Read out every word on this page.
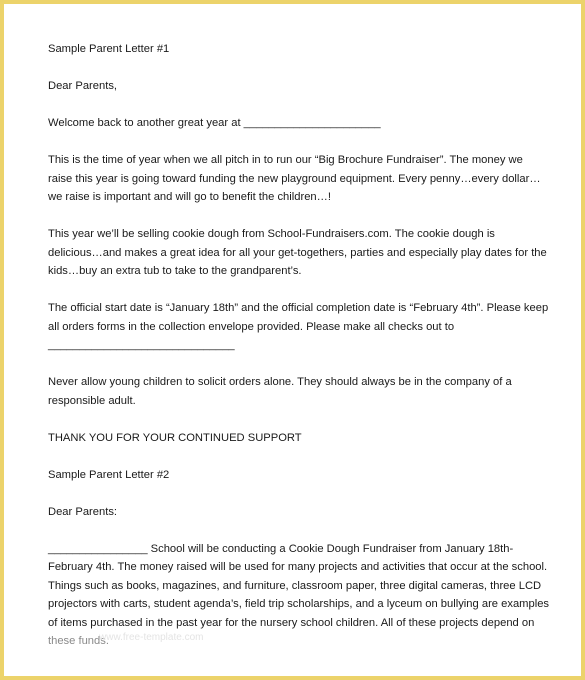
Sample Parent Letter #1
Dear Parents,
Welcome back to another great year at ______________________
This is the time of year when we all pitch in to run our “Big Brochure Fundraiser”. The money we
raise this year is going toward funding the new playground equipment. Every penny…every dollar…
we raise is important and will go to benefit the children…!
This year we’ll be selling cookie dough from School-Fundraisers.com. The cookie dough is
delicious…and makes a great idea for all your get-togethers, parties and especially play dates for the
kids…buy an extra tub to take to the grandparent’s.
The official start date is “January 18th” and the official completion date is “February 4th”. Please keep
all orders forms in the collection envelope provided. Please make all checks out to
______________________________
Never allow young children to solicit orders alone. They should always be in the company of a
responsible adult.
THANK YOU FOR YOUR CONTINUED SUPPORT
Sample Parent Letter #2
Dear Parents:
________________ School will be conducting a Cookie Dough Fundraiser from January 18th-
February 4th. The money raised will be used for many projects and activities that occur at the school.
Things such as books, magazines, and furniture, classroom paper, three digital cameras, three LCD
projectors with carts, student agenda’s, field trip scholarships, and a lyceum on bullying are examples
of items purchased in the past year for the nursery school children. All of these projects depend on
these funds.
www.free-template.com
